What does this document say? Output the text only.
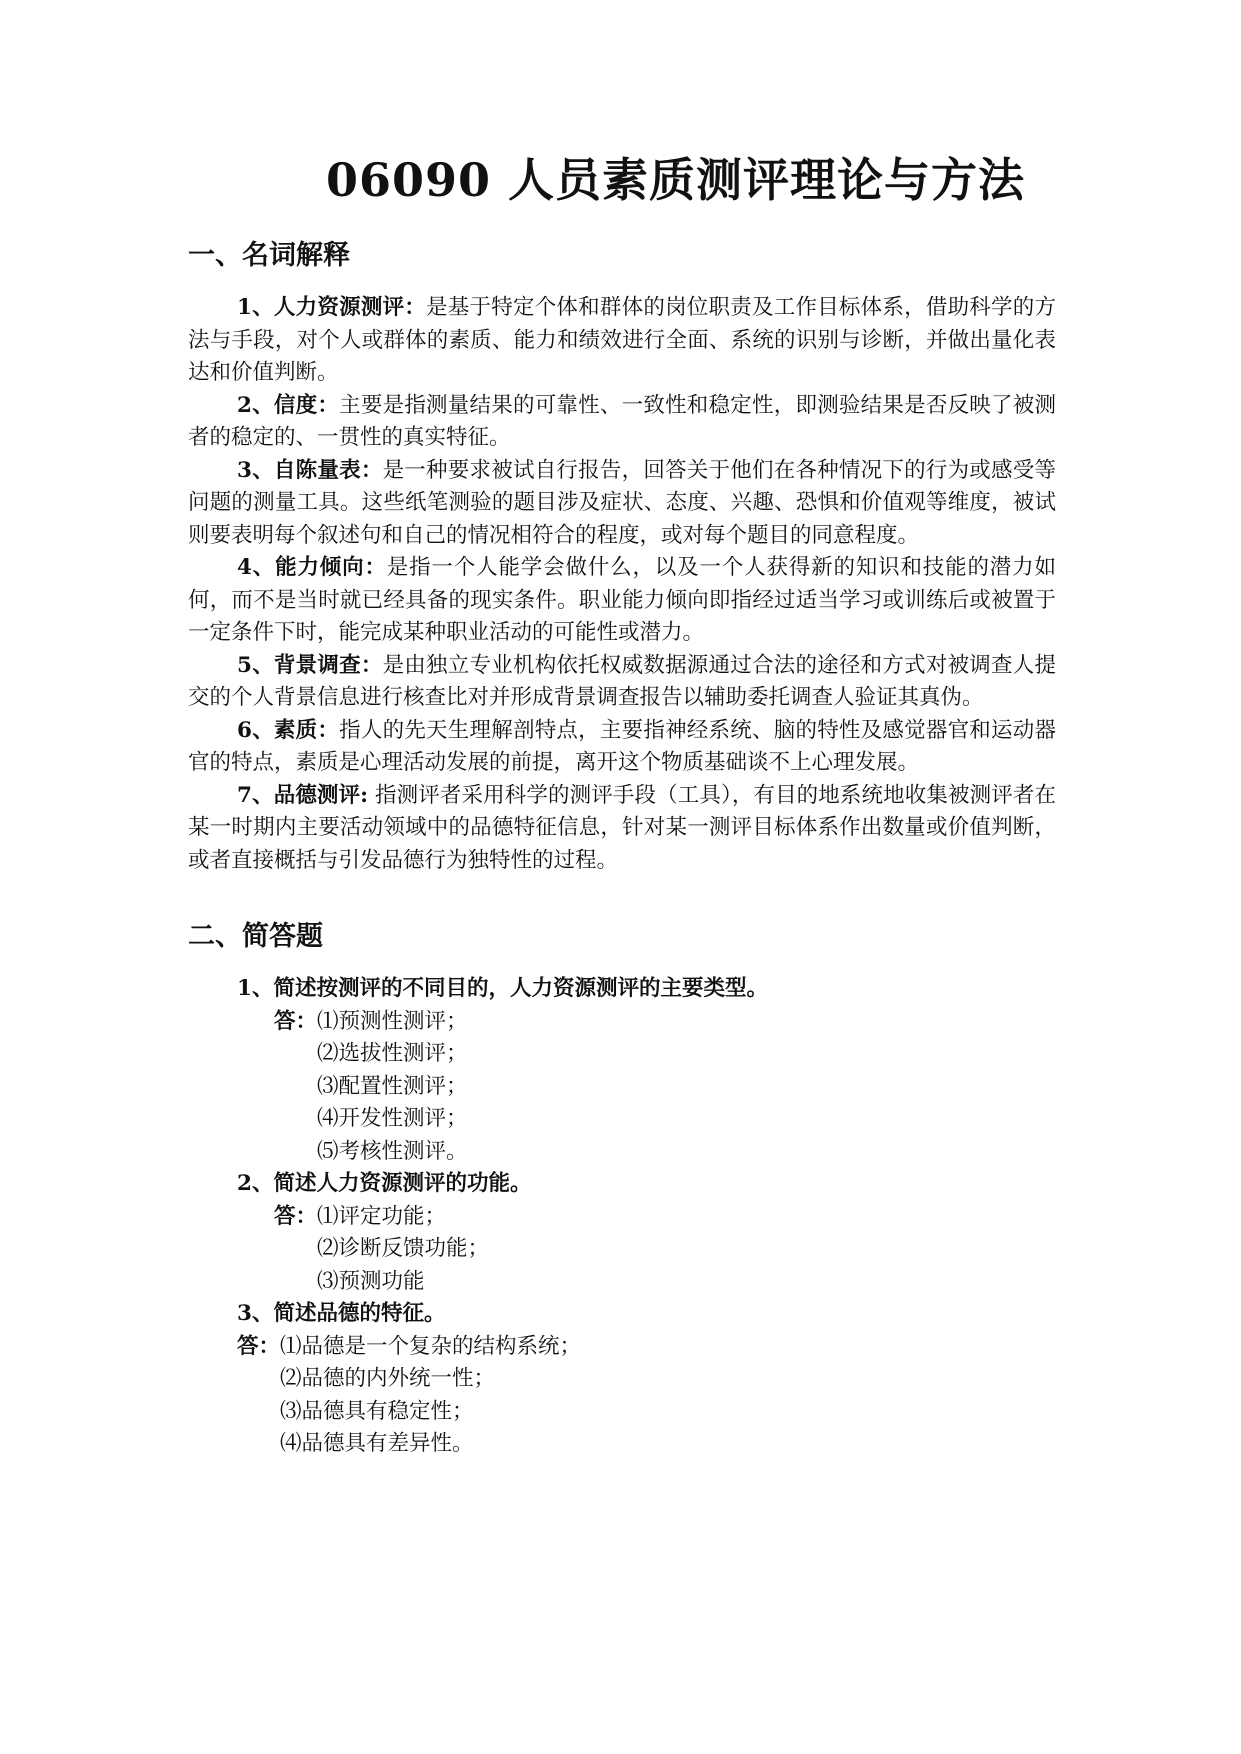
06090 人员素质测评理论与方法
一、名词解释

1、人力资源测评：是基于特定个体和群体的岗位职责及工作目标体系，借助科学的方法与手段，对个人或群体的素质、能力和绩效进行全面、系统的识别与诊断，并做出量化表达和价值判断。

2、信度：主要是指测量结果的可靠性、一致性和稳定性，即测验结果是否反映了被测者的稳定的、一贯性的真实特征。

3、自陈量表：是一种要求被试自行报告，回答关于他们在各种情况下的行为或感受等问题的测量工具。这些纸笔测验的题目涉及症状、态度、兴趣、恐惧和价值观等维度，被试则要表明每个叙述句和自己的情况相符合的程度，或对每个题目的同意程度。

4、能力倾向：是指一个人能学会做什么，以及一个人获得新的知识和技能的潜力如何，而不是当时就已经具备的现实条件。职业能力倾向即指经过适当学习或训练后或被置于一定条件下时，能完成某种职业活动的可能性或潜力。

5、背景调查：是由独立专业机构依托权威数据源通过合法的途径和方式对被调查人提交的个人背景信息进行核查比对并形成背景调查报告以辅助委托调查人验证其真伪。

6、素质：指人的先天生理解剖特点，主要指神经系统、脑的特性及感觉器官和运动器官的特点，素质是心理活动发展的前提，离开这个物质基础谈不上心理发展。

7、品德测评: 指测评者采用科学的测评手段（工具），有目的地系统地收集被测评者在某一时期内主要活动领域中的品德特征信息，针对某一测评目标体系作出数量或价值判断，或者直接概括与引发品德行为独特性的过程。

二、简答题

1、简述按测评的不同目的，人力资源测评的主要类型。

答： ⑴预测性测评；
⑵选拔性测评；
⑶配置性测评；
⑷开发性测评；
⑸考核性测评。

2、简述人力资源测评的功能。

答： ⑴评定功能；
⑵诊断反馈功能；
⑶预测功能

3、简述品德的特征。

答： ⑴品德是一个复杂的结构系统；
⑵品德的内外统一性；
⑶品德具有稳定性；
⑷品德具有差异性。
